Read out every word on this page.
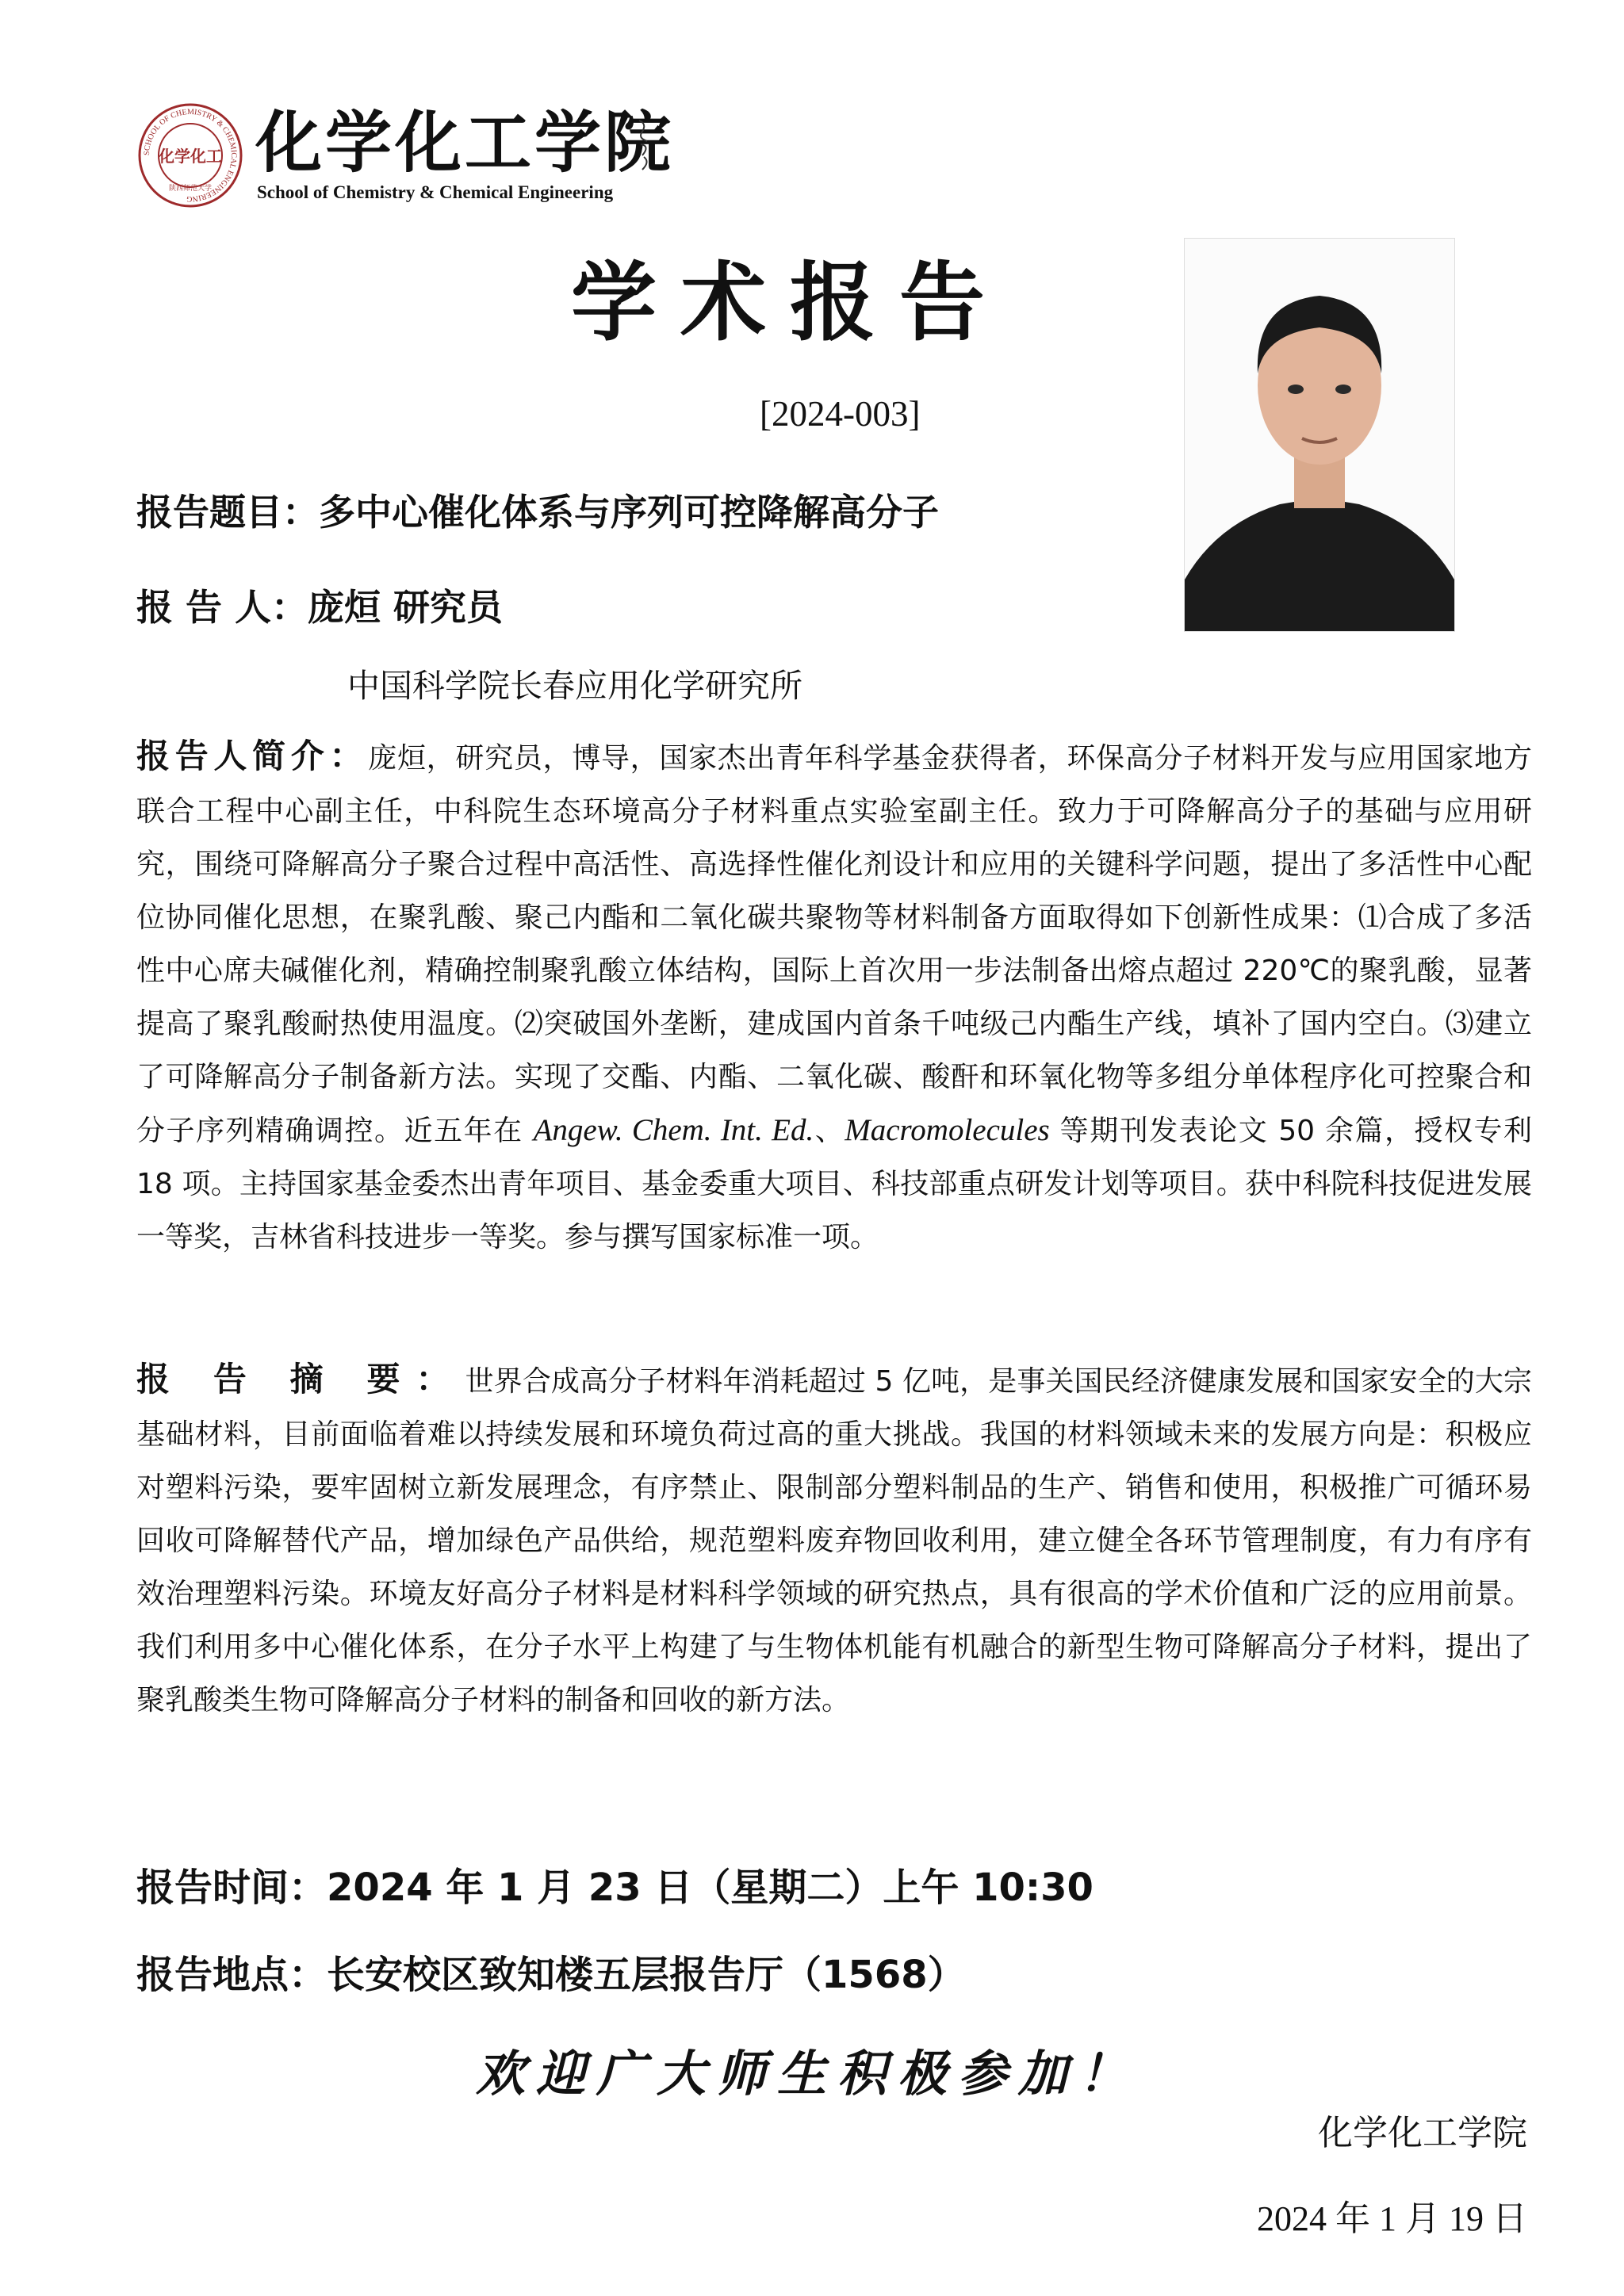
SCHOOL OF CHEMISTRY & CHEMICAL ENGINEERING
化学化工
陕西师范大学
化学化工学院
School of Chemistry & Chemical Engineering
学术报告
[2024-003]
报告题目：多中心催化体系与序列可控降解高分子
报 告 人：庞烜 研究员
中国科学院长春应用化学研究所
报告人简介：庞烜，研究员，博导，国家杰出青年科学基金获得者，环保高分子材料开发与应用国家地方联合工程中心副主任，中科院生态环境高分子材料重点实验室副主任。致力于可降解高分子的基础与应用研究，围绕可降解高分子聚合过程中高活性、高选择性催化剂设计和应用的关键科学问题，提出了多活性中心配位协同催化思想，在聚乳酸、聚己内酯和二氧化碳共聚物等材料制备方面取得如下创新性成果：⑴合成了多活性中心席夫碱催化剂，精确控制聚乳酸立体结构，国际上首次用一步法制备出熔点超过 220℃的聚乳酸，显著提高了聚乳酸耐热使用温度。⑵突破国外垄断，建成国内首条千吨级己内酯生产线，填补了国内空白。⑶建立了可降解高分子制备新方法。实现了交酯、内酯、二氧化碳、酸酐和环氧化物等多组分单体程序化可控聚合和分子序列精确调控。近五年在 Angew. Chem. Int. Ed.、Macromolecules 等期刊发表论文 50 余篇，授权专利 18 项。主持国家基金委杰出青年项目、基金委重大项目、科技部重点研发计划等项目。获中科院科技促进发展一等奖，吉林省科技进步一等奖。参与撰写国家标准一项。
报 告 摘 要：世界合成高分子材料年消耗超过 5 亿吨，是事关国民经济健康发展和国家安全的大宗基础材料，目前面临着难以持续发展和环境负荷过高的重大挑战。我国的材料领域未来的发展方向是：积极应对塑料污染，要牢固树立新发展理念，有序禁止、限制部分塑料制品的生产、销售和使用，积极推广可循环易回收可降解替代产品，增加绿色产品供给，规范塑料废弃物回收利用，建立健全各环节管理制度，有力有序有效治理塑料污染。环境友好高分子材料是材料科学领域的研究热点，具有很高的学术价值和广泛的应用前景。我们利用多中心催化体系，在分子水平上构建了与生物体机能有机融合的新型生物可降解高分子材料，提出了聚乳酸类生物可降解高分子材料的制备和回收的新方法。
报告时间：2024 年 1 月 23 日（星期二）上午 10:30
报告地点：长安校区致知楼五层报告厅（1568）
欢迎广大师生积极参加！
化学化工学院
2024 年 1 月 19 日
